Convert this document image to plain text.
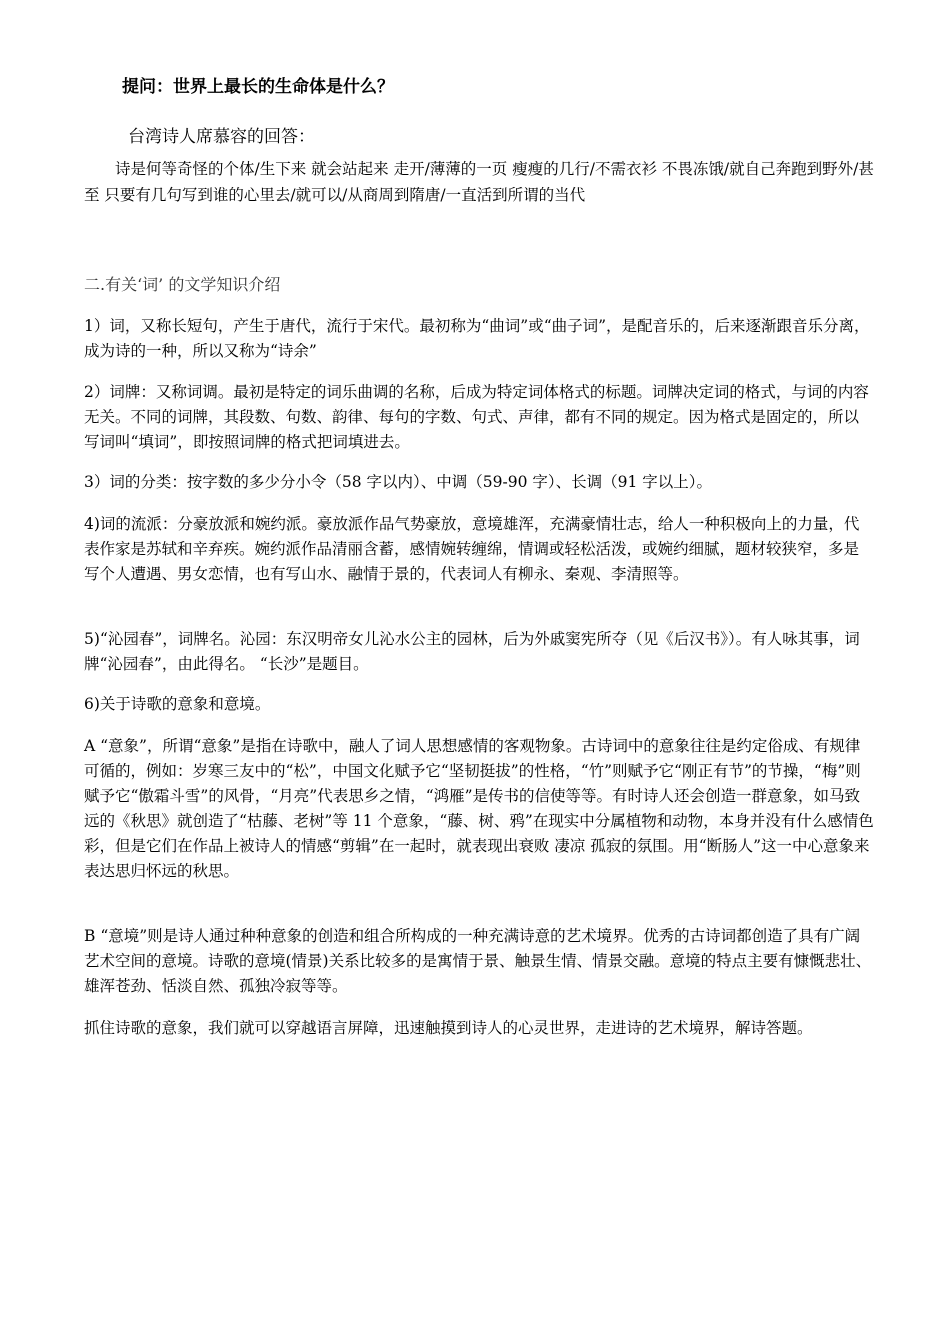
提问：世界上最长的生命体是什么？
台湾诗人席慕容的回答：
诗是何等奇怪的个体/生下来 就会站起来 走开/薄薄的一页 瘦瘦的几行/不需衣衫 不畏冻饿/就自己奔跑到野外/甚至 只要有几句写到谁的心里去/就可以/从商周到隋唐/一直活到所谓的当代
二.有关‘词’ 的文学知识介绍
1）词，又称长短句，产生于唐代，流行于宋代。最初称为“曲词”或“曲子词”，是配音乐的，后来逐渐跟音乐分离，成为诗的一种，所以又称为“诗余”
2）词牌：又称词调。最初是特定的词乐曲调的名称，后成为特定词体格式的标题。词牌决定词的格式，与词的内容无关。不同的词牌，其段数、句数、韵律、每句的字数、句式、声律，都有不同的规定。因为格式是固定的，所以写词叫“填词”，即按照词牌的格式把词填进去。
3）词的分类：按字数的多少分小令（58 字以内）、中调（59-90 字）、长调（91 字以上）。
4)词的流派：分豪放派和婉约派。豪放派作品气势豪放，意境雄浑，充满豪情壮志，给人一种积极向上的力量，代表作家是苏轼和辛弃疾。婉约派作品清丽含蓄，感情婉转缠绵，情调或轻松活泼，或婉约细腻，题材较狭窄，多是写个人遭遇、男女恋情，也有写山水、融情于景的，代表词人有柳永、秦观、李清照等。
5)“沁园春”，词牌名。沁园：东汉明帝女儿沁水公主的园林，后为外戚窦宪所夺（见《后汉书》）。有人咏其事，词牌“沁园春”，由此得名。 “长沙”是题目。
6)关于诗歌的意象和意境。
A “意象”，所谓“意象”是指在诗歌中，融人了词人思想感情的客观物象。古诗词中的意象往往是约定俗成、有规律可循的，例如：岁寒三友中的“松”，中国文化赋予它“坚韧挺拔”的性格，“竹”则赋予它“刚正有节”的节操，“梅”则赋予它“傲霜斗雪”的风骨，“月亮”代表思乡之情，“鸿雁”是传书的信使等等。有时诗人还会创造一群意象，如马致远的《秋思》就创造了“枯藤、老树”等 11 个意象，“藤、树、鸦”在现实中分属植物和动物，本身并没有什么感情色彩，但是它们在作品上被诗人的情感“剪辑”在一起时，就表现出衰败 凄凉 孤寂的氛围。用“断肠人”这一中心意象来表达思归怀远的秋思。
B “意境”则是诗人通过种种意象的创造和组合所构成的一种充满诗意的艺术境界。优秀的古诗词都创造了具有广阔艺术空间的意境。诗歌的意境(情景)关系比较多的是寓情于景、触景生情、情景交融。意境的特点主要有慷慨悲壮、雄浑苍劲、恬淡自然、孤独冷寂等等。
抓住诗歌的意象，我们就可以穿越语言屏障，迅速触摸到诗人的心灵世界，走进诗的艺术境界，解诗答题。
